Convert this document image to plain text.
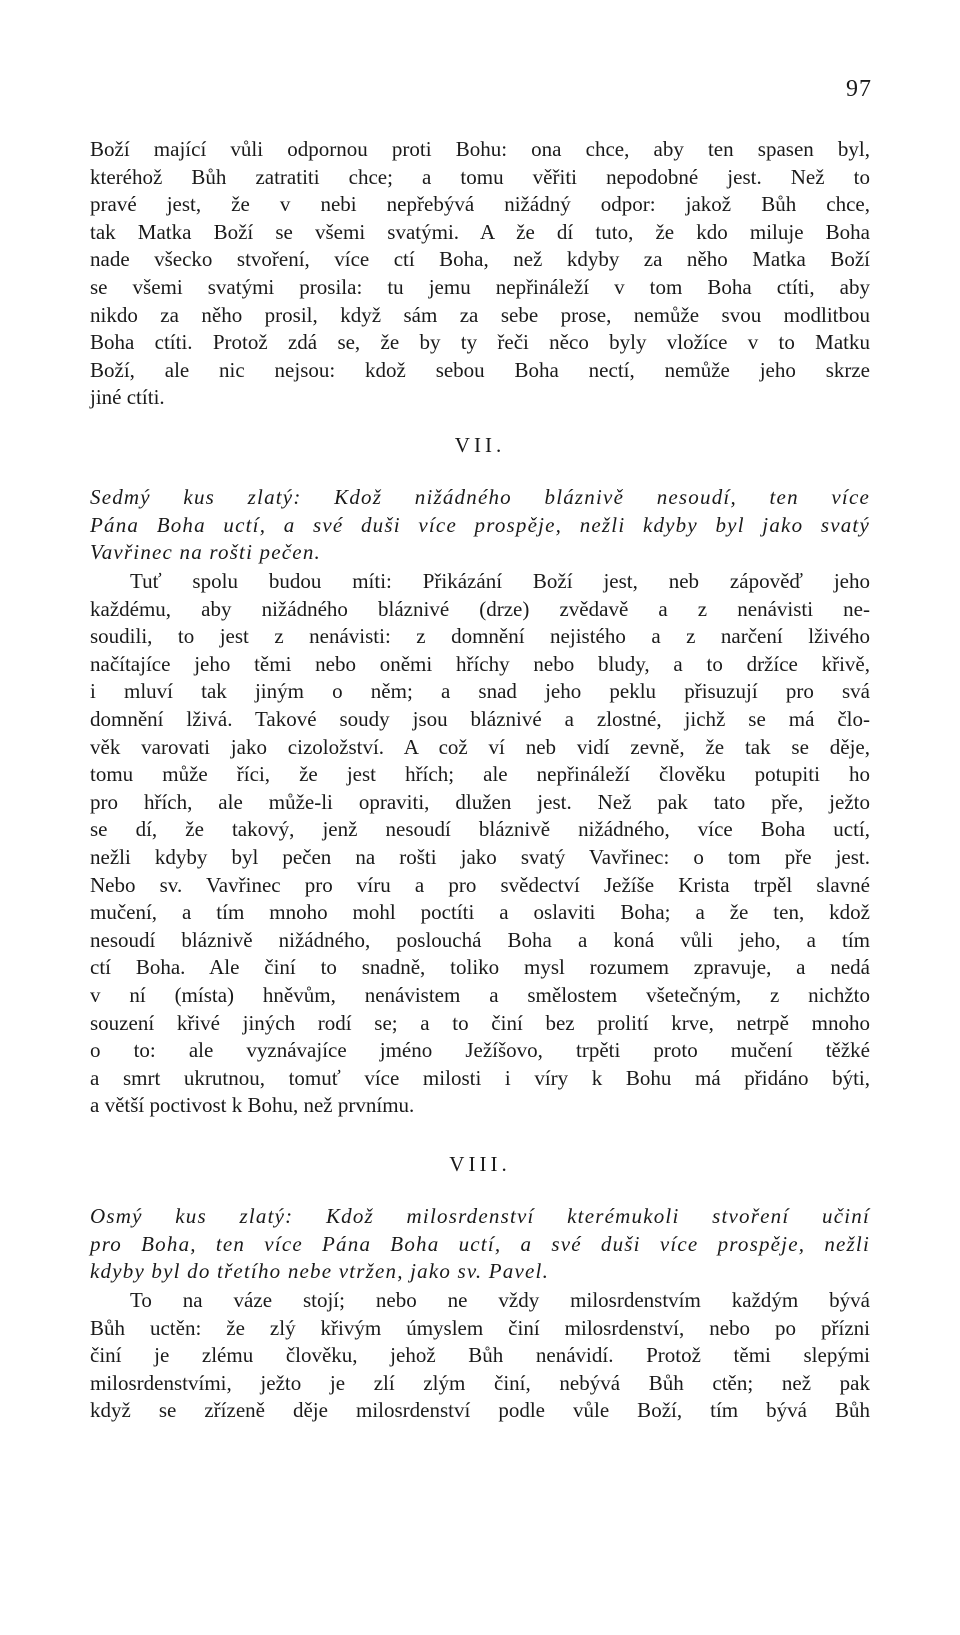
97
Boží mající vůli odpornou proti Bohu: ona chce, aby ten spasen byl,
kteréhož Bůh zatratiti chce; a tomu věřiti nepodobné jest. Než to
pravé jest, že v nebi nepřebývá nižádný odpor: jakož Bůh chce,
tak Matka Boží se všemi svatými. A že dí tuto, že kdo miluje Boha
nade všecko stvoření, více ctí Boha, než kdyby za něho Matka Boží
se všemi svatými prosila: tu jemu nepřináleží v tom Boha ctíti, aby
nikdo za něho prosil, když sám za sebe prose, nemůže svou modlitbou
Boha ctíti. Protož zdá se, že by ty řeči něco byly vložíce v to Matku
Boží, ale nic nejsou: kdož sebou Boha nectí, nemůže jeho skrze
jiné ctíti.
VII.
Sedmý kus zlatý: Kdož nižádného bláznivě nesoudí, ten více
Pána Boha uctí, a své duši více prospěje, nežli kdyby byl jako svatý
Vavřinec na rošti pečen.
Tuť spolu budou míti: Přikázání Boží jest, neb zápověď jeho
každému, aby nižádného bláznivé (drze) zvědavě a z nenávisti ne-
soudili, to jest z nenávisti: z domnění nejistého a z narčení lživého
načítajíce jeho těmi nebo oněmi hříchy nebo bludy, a to držíce křivě,
i mluví tak jiným o něm; a snad jeho peklu přisuzují pro svá
domnění lživá. Takové soudy jsou bláznivé a zlostné, jichž se má člo-
věk varovati jako cizoložství. A což ví neb vidí zevně, že tak se děje,
tomu může říci, že jest hřích; ale nepřináleží člověku potupiti ho
pro hřích, ale může-li opraviti, dlužen jest. Než pak tato pře, ježto
se dí, že takový, jenž nesoudí bláznivě nižádného, více Boha uctí,
nežli kdyby byl pečen na rošti jako svatý Vavřinec: o tom pře jest.
Nebo sv. Vavřinec pro víru a pro svědectví Ježíše Krista trpěl slavné
mučení, a tím mnoho mohl poctíti a oslaviti Boha; a že ten, kdož
nesoudí bláznivě nižádného, poslouchá Boha a koná vůli jeho, a tím
ctí Boha. Ale činí to snadně, toliko mysl rozumem zpravuje, a nedá
v ní (místa) hněvům, nenávistem a smělostem všetečným, z nichžto
souzení křivé jiných rodí se; a to činí bez prolití krve, netrpě mnoho
o to: ale vyznávajíce jméno Ježíšovo, trpěti proto mučení těžké
a smrt ukrutnou, tomuť více milosti i víry k Bohu má přidáno býti,
a větší poctivost k Bohu, než prvnímu.
VIII.
Osmý kus zlatý: Kdož milosrdenství kterémukoli stvoření učiní
pro Boha, ten více Pána Boha uctí, a své duši více prospěje, nežli
kdyby byl do třetího nebe vtržen, jako sv. Pavel.
To na váze stojí; nebo ne vždy milosrdenstvím každým bývá
Bůh uctěn: že zlý křivým úmyslem činí milosrdenství, nebo po přízni
činí je zlému člověku, jehož Bůh nenávidí. Protož těmi slepými
milosrdenstvími, ježto je zlí zlým činí, nebývá Bůh ctěn; než pak
když se zřízeně děje milosrdenství podle vůle Boží, tím bývá Bůh
